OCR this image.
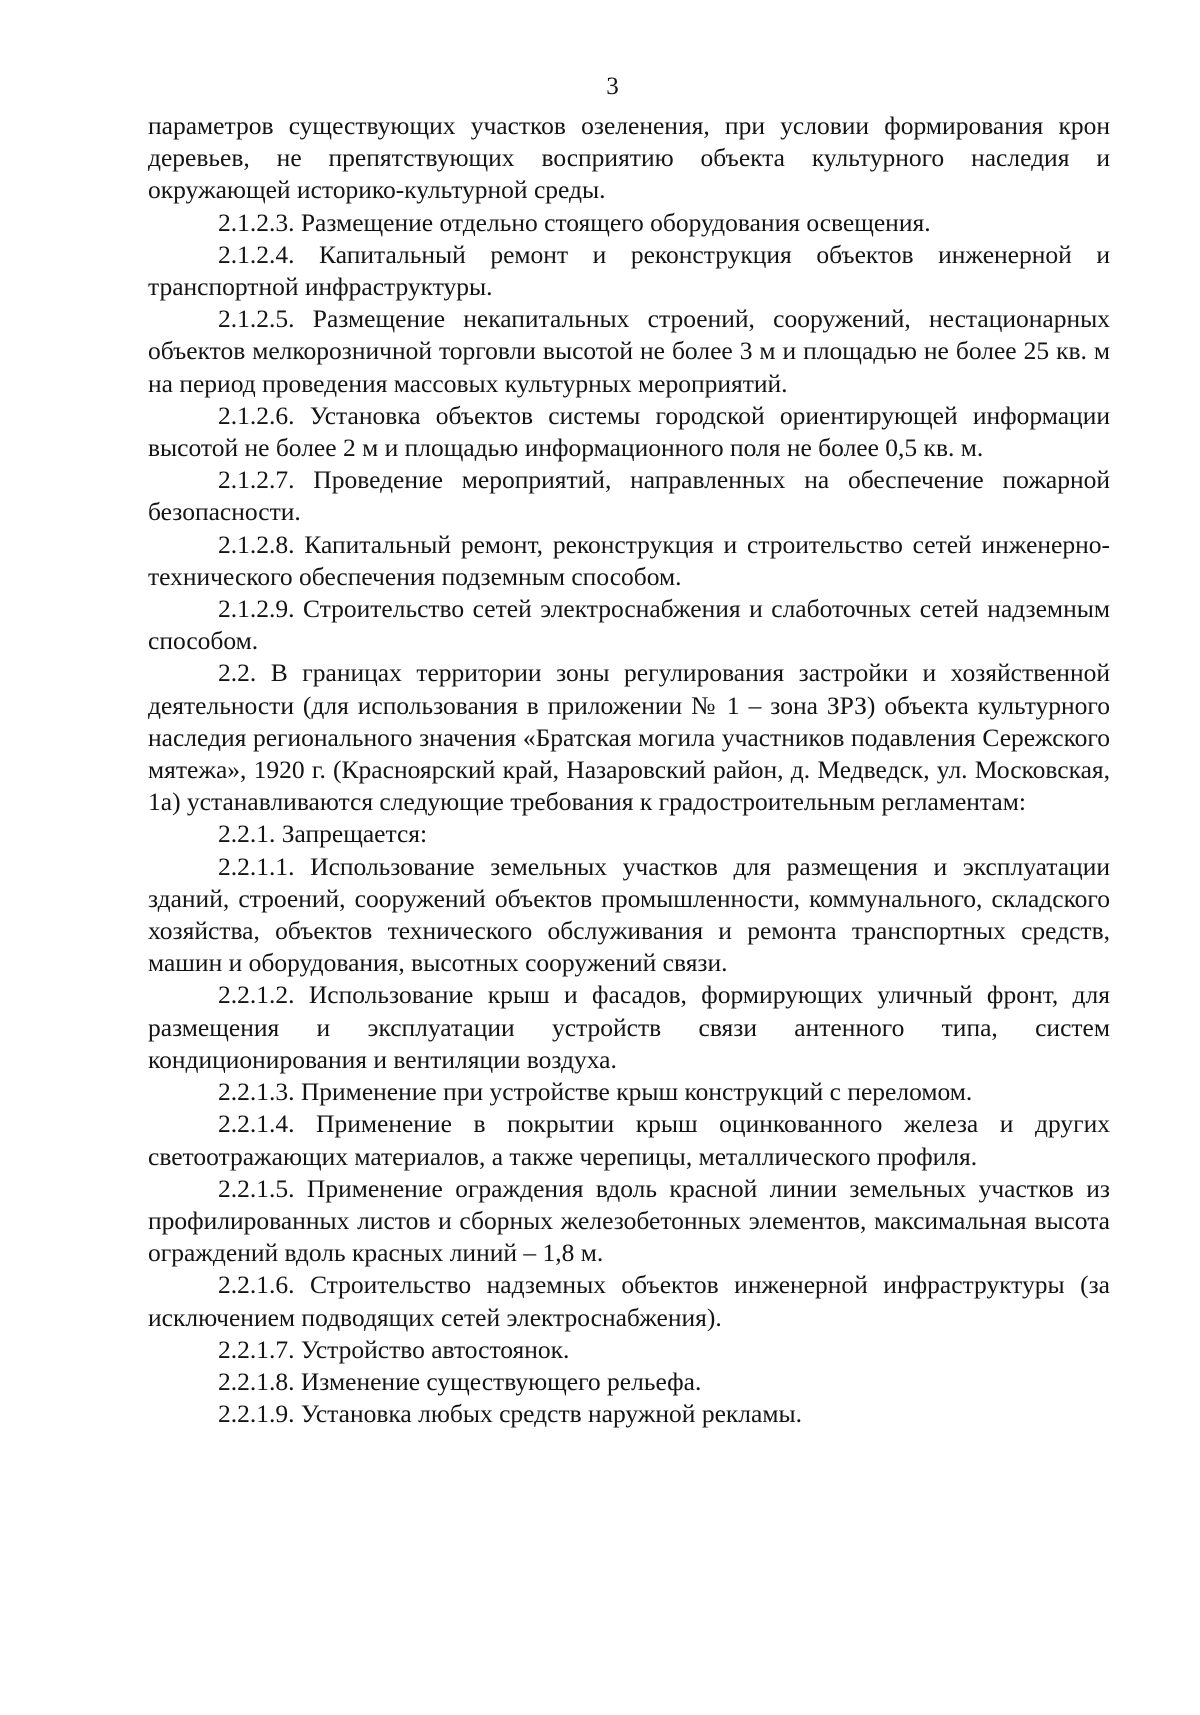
3

параметров существующих участков озеленения, при условии формирования крон деревьев, не препятствующих восприятию объекта культурного наследия и окружающей историко-культурной среды.

2.1.2.3. Размещение отдельно стоящего оборудования освещения.

2.1.2.4. Капитальный ремонт и реконструкция объектов инженерной и транспортной инфраструктуры.

2.1.2.5. Размещение некапитальных строений, сооружений, нестационарных объектов мелкорозничной торговли высотой не более 3 м и площадью не более 25 кв. м на период проведения массовых культурных мероприятий.

2.1.2.6. Установка объектов системы городской ориентирующей информации высотой не более 2 м и площадью информационного поля не более 0,5 кв. м.

2.1.2.7. Проведение мероприятий, направленных на обеспечение пожарной безопасности.

2.1.2.8. Капитальный ремонт, реконструкция и строительство сетей инженерно-технического обеспечения подземным способом.

2.1.2.9. Строительство сетей электроснабжения и слаботочных сетей надземным способом.

2.2. В границах территории зоны регулирования застройки и хозяйственной деятельности (для использования в приложении № 1 – зона ЗРЗ) объекта культурного наследия регионального значения «Братская могила участников подавления Сережского мятежа», 1920 г. (Красноярский край, Назаровский район, д. Медведск, ул. Московская, 1а) устанавливаются следующие требования к градостроительным регламентам:

2.2.1. Запрещается:

2.2.1.1. Использование земельных участков для размещения и эксплуатации зданий, строений, сооружений объектов промышленности, коммунального, складского хозяйства, объектов технического обслуживания и ремонта транспортных средств, машин и оборудования, высотных сооружений связи.

2.2.1.2. Использование крыш и фасадов, формирующих уличный фронт, для размещения и эксплуатации устройств связи антенного типа, систем кондиционирования и вентиляции воздуха.

2.2.1.3. Применение при устройстве крыш конструкций с переломом.

2.2.1.4. Применение в покрытии крыш оцинкованного железа и других светоотражающих материалов, а также черепицы, металлического профиля.

2.2.1.5. Применение ограждения вдоль красной линии земельных участков из профилированных листов и сборных железобетонных элементов, максимальная высота ограждений вдоль красных линий – 1,8 м.

2.2.1.6. Строительство надземных объектов инженерной инфраструктуры (за исключением подводящих сетей электроснабжения).

2.2.1.7. Устройство автостоянок.

2.2.1.8. Изменение существующего рельефа.

2.2.1.9. Установка любых средств наружной рекламы.
